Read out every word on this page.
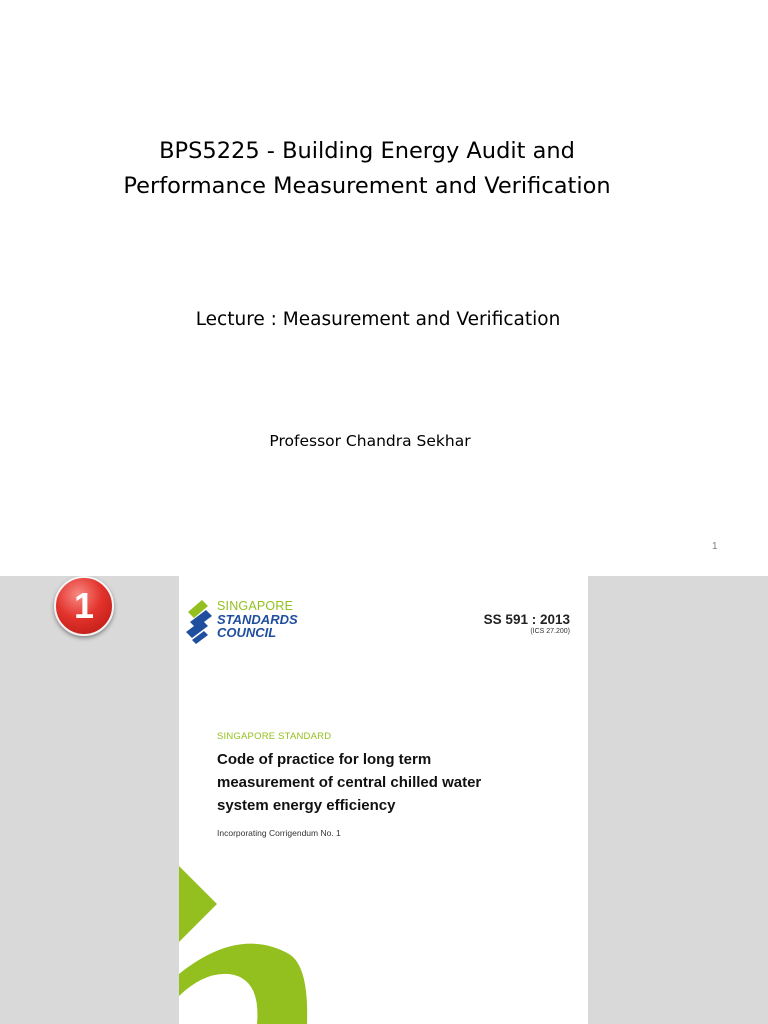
BPS5225 - Building Energy Audit and
Performance Measurement and Verification
Lecture : Measurement and Verification
Professor Chandra Sekhar
1
1	SINGAPORE
STANDARDS
COUNCIL
SS 591 : 2013
(ICS 27.200)
SINGAPORE STANDARD
Code of practice for long term
measurement of central chilled water
system energy efficiency
Incorporating Corrigendum No. 1
